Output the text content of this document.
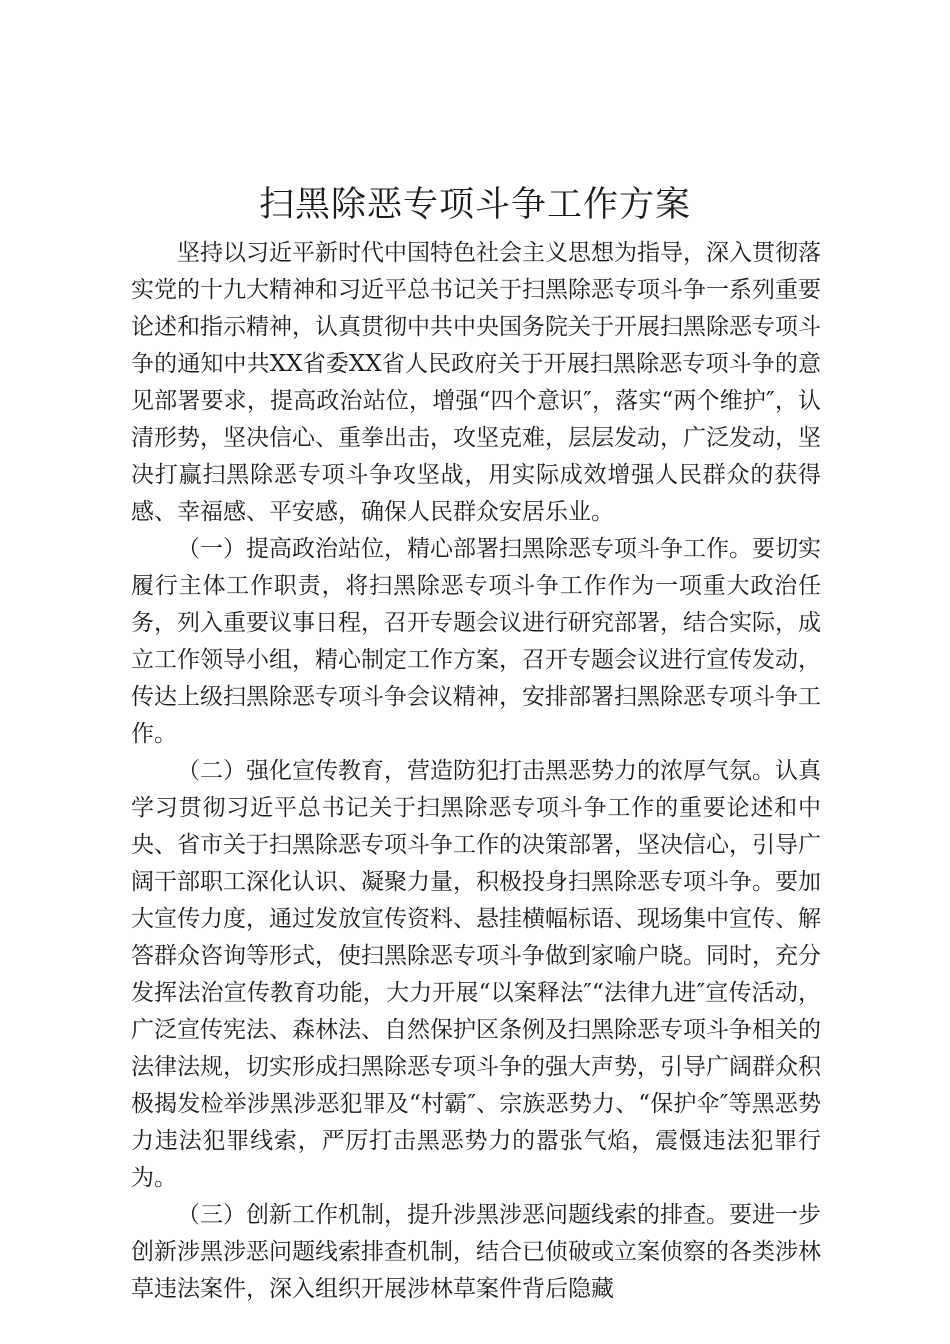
扫黑除恶专项斗争工作方案

坚持以习近平新时代中国特色社会主义思想为指导，深入贯彻落实党的十九大精神和习近平总书记关于扫黑除恶专项斗争一系列重要论述和指示精神，认真贯彻中共中央国务院关于开展扫黑除恶专项斗争的通知中共XX省委XX省人民政府关于开展扫黑除恶专项斗争的意见部署要求，提高政治站位，增强“四个意识″，落实“两个维护″，认清形势，坚决信心、重拳出击，攻坚克难，层层发动，广泛发动，坚决打赢扫黑除恶专项斗争攻坚战，用实际成效增强人民群众的获得感、幸福感、平安感，确保人民群众安居乐业。

（一）提高政治站位，精心部署扫黑除恶专项斗争工作。要切实履行主体工作职责，将扫黑除恶专项斗争工作作为一项重大政治任务，列入重要议事日程，召开专题会议进行研究部署，结合实际，成立工作领导小组，精心制定工作方案，召开专题会议进行宣传发动，传达上级扫黑除恶专项斗争会议精神，安排部署扫黑除恶专项斗争工作。

（二）强化宣传教育，营造防犯打击黑恶势力的浓厚气氛。认真学习贯彻习近平总书记关于扫黑除恶专项斗争工作的重要论述和中央、省市关于扫黑除恶专项斗争工作的决策部署，坚决信心，引导广阔干部职工深化认识、凝聚力量，积极投身扫黑除恶专项斗争。要加大宣传力度，通过发放宣传资料、悬挂横幅标语、现场集中宣传、解答群众咨询等形式，使扫黑除恶专项斗争做到家喻户晓。同时，充分发挥法治宣传教育功能，大力开展“以案释法″“法律九进″宣传活动，广泛宣传宪法、森林法、自然保护区条例及扫黑除恶专项斗争相关的法律法规，切实形成扫黑除恶专项斗争的强大声势，引导广阔群众积极揭发检举涉黑涉恶犯罪及“村霸″、宗族恶势力、“保护伞″等黑恶势力违法犯罪线索，严厉打击黑恶势力的嚣张气焰，震慑违法犯罪行为。

（三）创新工作机制，提升涉黑涉恶问题线索的排查。要进一步创新涉黑涉恶问题线索排查机制，结合已侦破或立案侦察的各类涉林草违法案件，深入组织开展涉林草案件背后隐藏
